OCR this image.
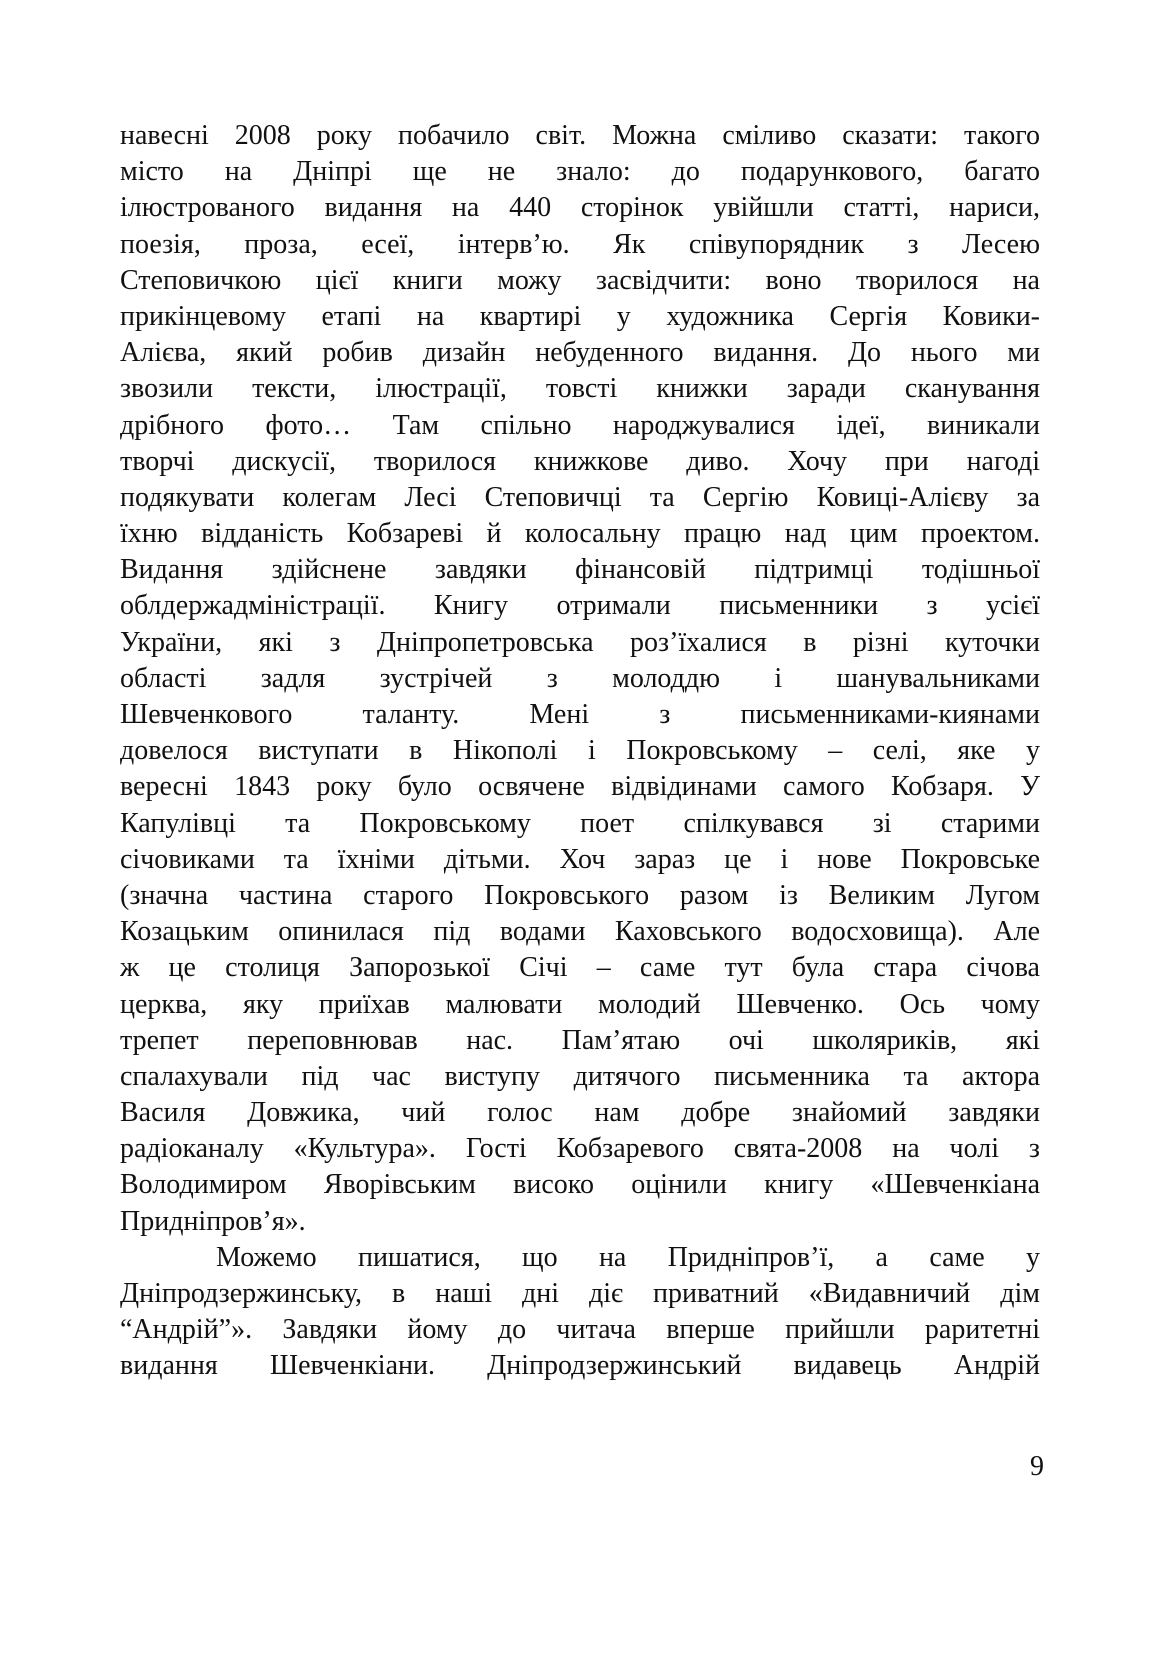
навесні 2008 року побачило світ. Можна сміливо сказати: такого
місто на Дніпрі ще не знало: до подарункового, багато
ілюстрованого видання на 440 сторінок увійшли статті, нариси,
поезія, проза, есеї, інтерв’ю. Як співупорядник з Лесею
Степовичкою цієї книги можу засвідчити: воно творилося на
прикінцевому етапі на квартирі у художника Сергія Ковики-
Алієва, який робив дизайн небуденного видання. До нього ми
звозили тексти, ілюстрації, товсті книжки заради сканування
дрібного фото… Там спільно народжувалися ідеї, виникали
творчі дискусії, творилося книжкове диво. Хочу при нагоді
подякувати колегам Лесі Степовичці та Сергію Ковиці-Алієву за
їхню відданість Кобзареві й колосальну працю над цим проектом.
Видання здійснене завдяки фінансовій підтримці тодішньої
облдержадміністрації. Книгу отримали письменники з усієї
України, які з Дніпропетровська роз’їхалися в різні куточки
області задля зустрічей з молоддю і шанувальниками
Шевченкового таланту. Мені з письменниками-киянами
довелося виступати в Нікополі і Покровському – селі, яке у
вересні 1843 року було освячене відвідинами самого Кобзаря. У
Капулівці та Покровському поет спілкувався зі старими
січовиками та їхніми дітьми. Хоч зараз це і нове Покровське
(значна частина старого Покровського разом із Великим Лугом
Козацьким опинилася під водами Каховського водосховища). Але
ж це столиця Запорозької Січі – саме тут була стара січова
церква, яку приїхав малювати молодий Шевченко. Ось чому
трепет переповнював нас. Пам’ятаю очі школяриків, які
спалахували під час виступу дитячого письменника та актора
Василя Довжика, чий голос нам добре знайомий завдяки
радіоканалу «Культура». Гості Кобзаревого свята-2008 на чолі з
Володимиром Яворівським високо оцінили книгу «Шевченкіана
Придніпров’я».
Можемо пишатися, що на Придніпров’ї, а саме у
Дніпродзержинську, в наші дні діє приватний «Видавничий дім
“Андрій”». Завдяки йому до читача вперше прийшли раритетні
видання Шевченкіани. Дніпродзержинський видавець Андрій
9
